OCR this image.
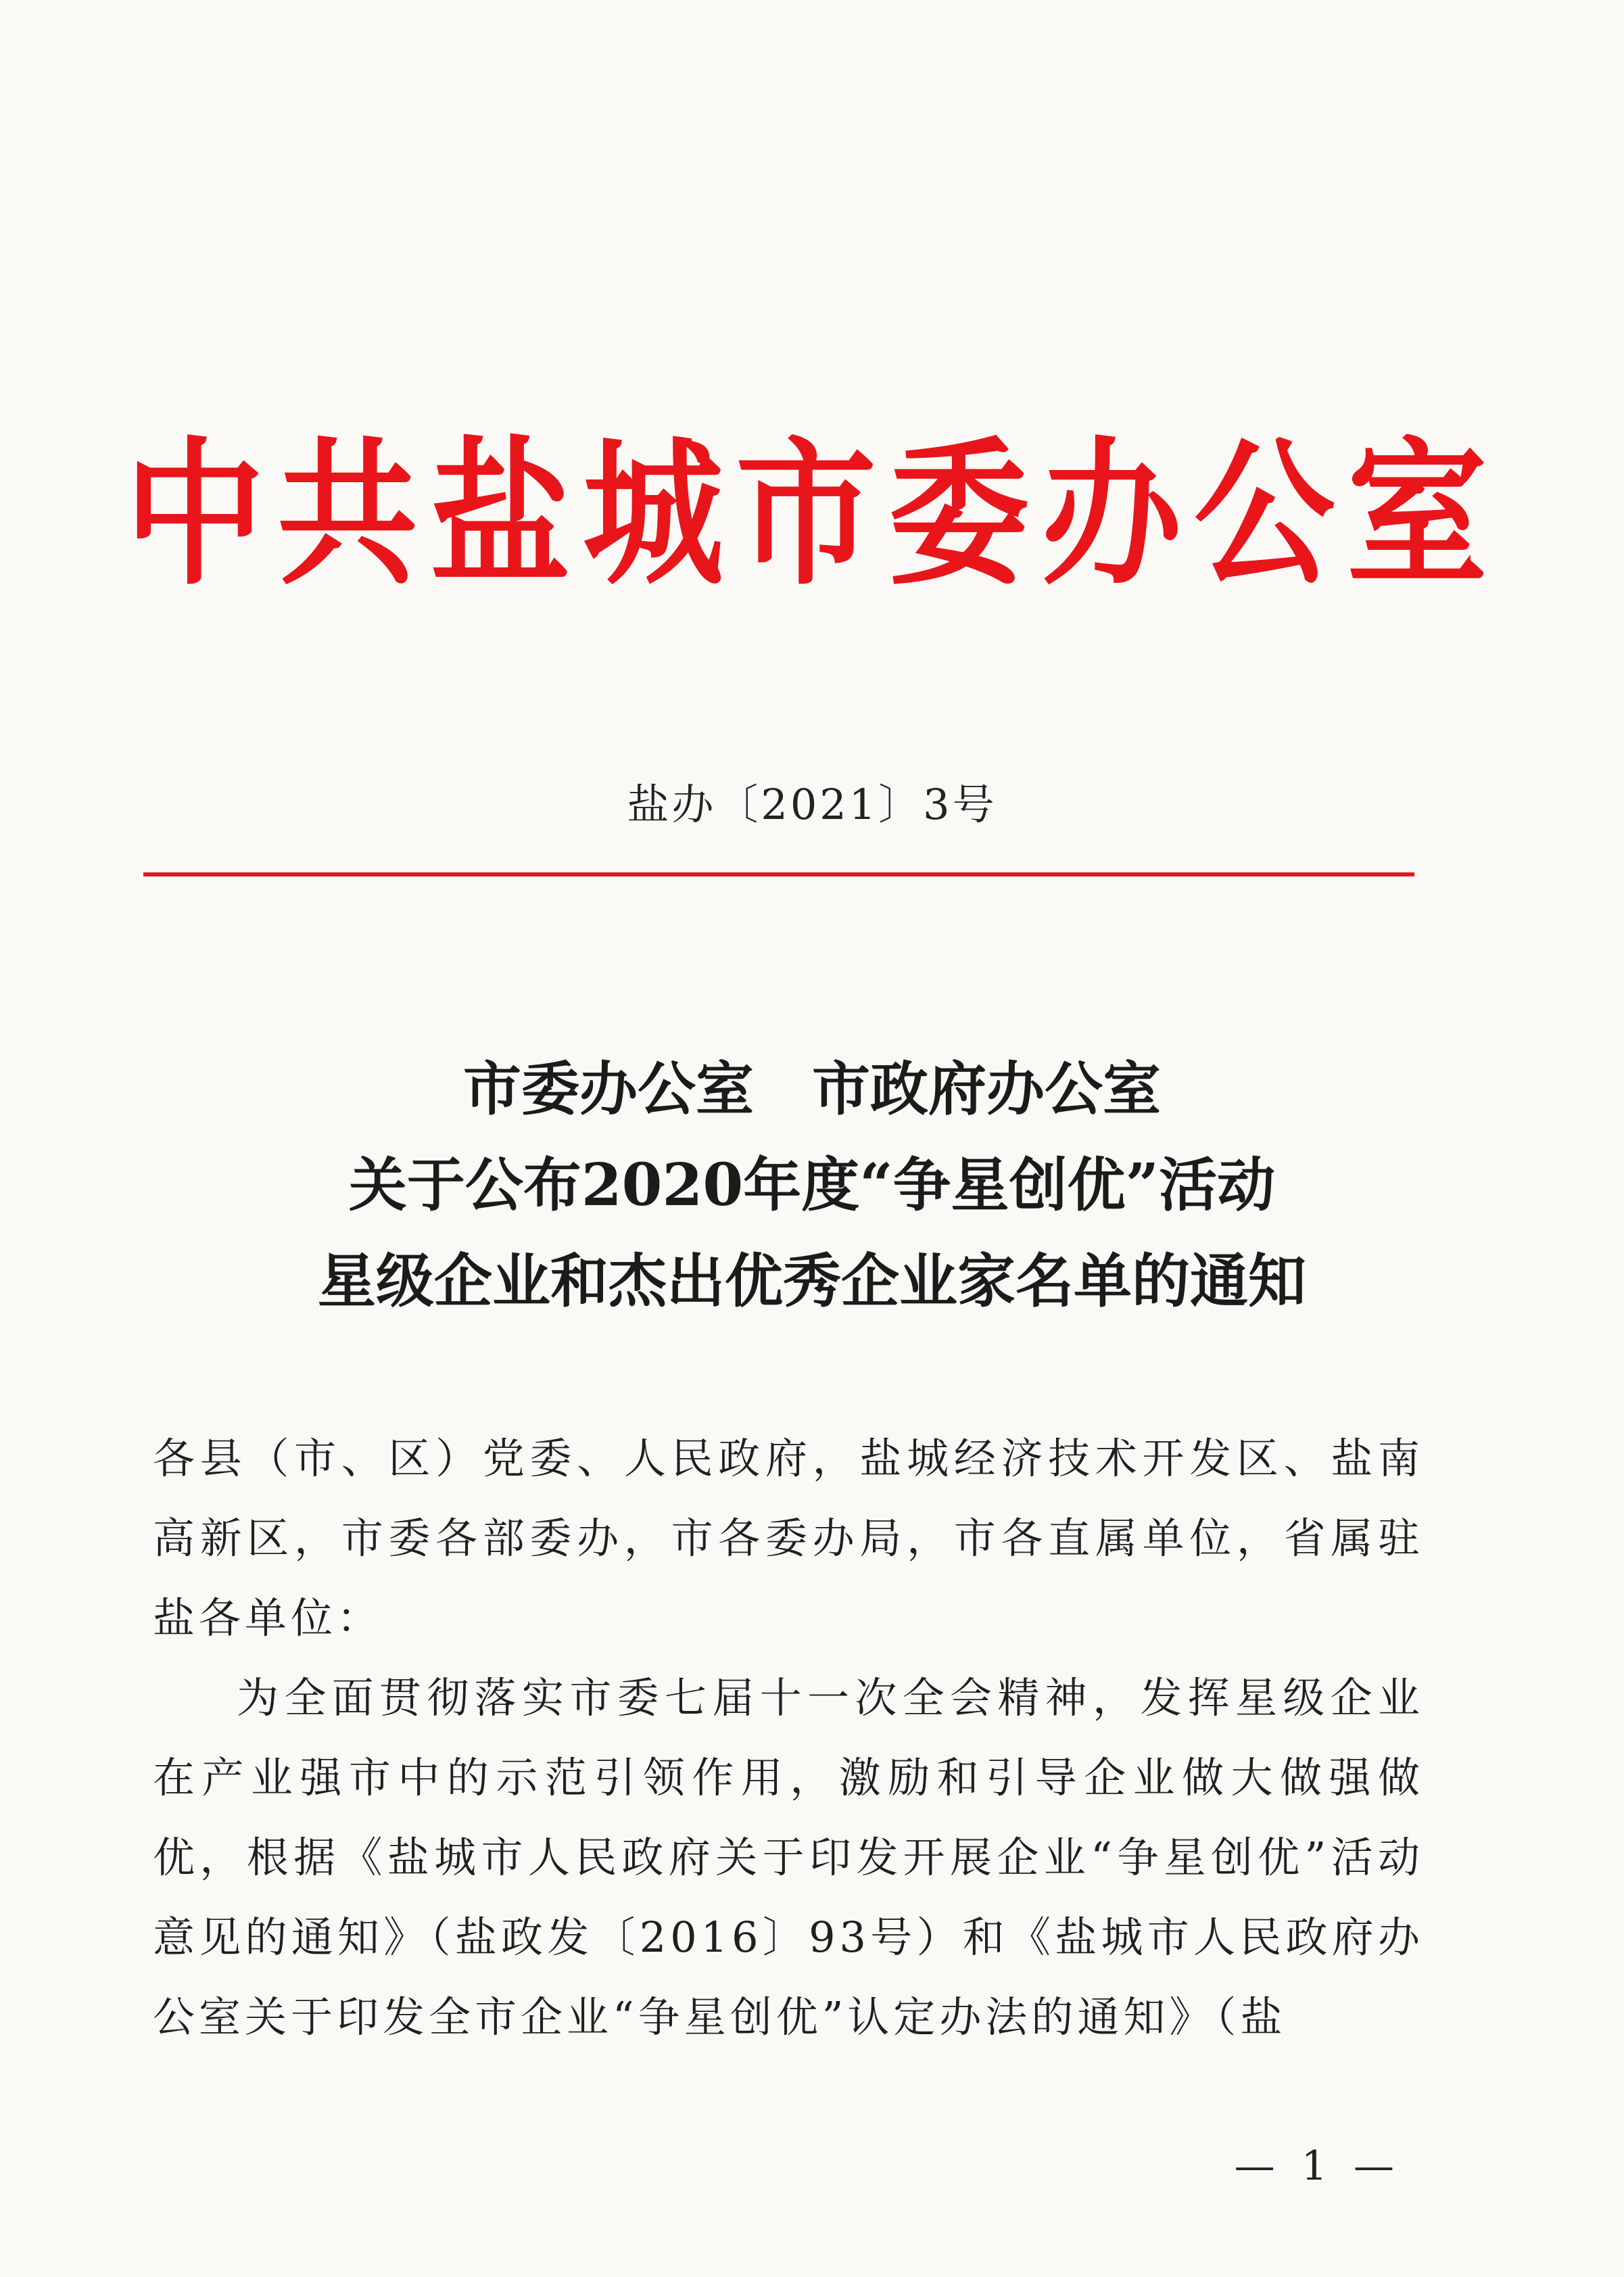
中共盐城市委办公室
盐办〔2021〕3号
市委办公室　市政府办公室
关于公布2020年度“争星创优”活动
星级企业和杰出优秀企业家名单的通知

各县（市、区）党委、人民政府，盐城经济技术开发区、盐南高新区，市委各部委办，市各委办局，市各直属单位，省属驻盐各单位：

为全面贯彻落实市委七届十一次全会精神，发挥星级企业在产业强市中的示范引领作用，激励和引导企业做大做强做优，根据《盐城市人民政府关于印发开展企业“争星创优”活动意见的通知》（盐政发〔2016〕93号）和《盐城市人民政府办公室关于印发全市企业“争星创优”认定办法的通知》（盐

— 1 —
